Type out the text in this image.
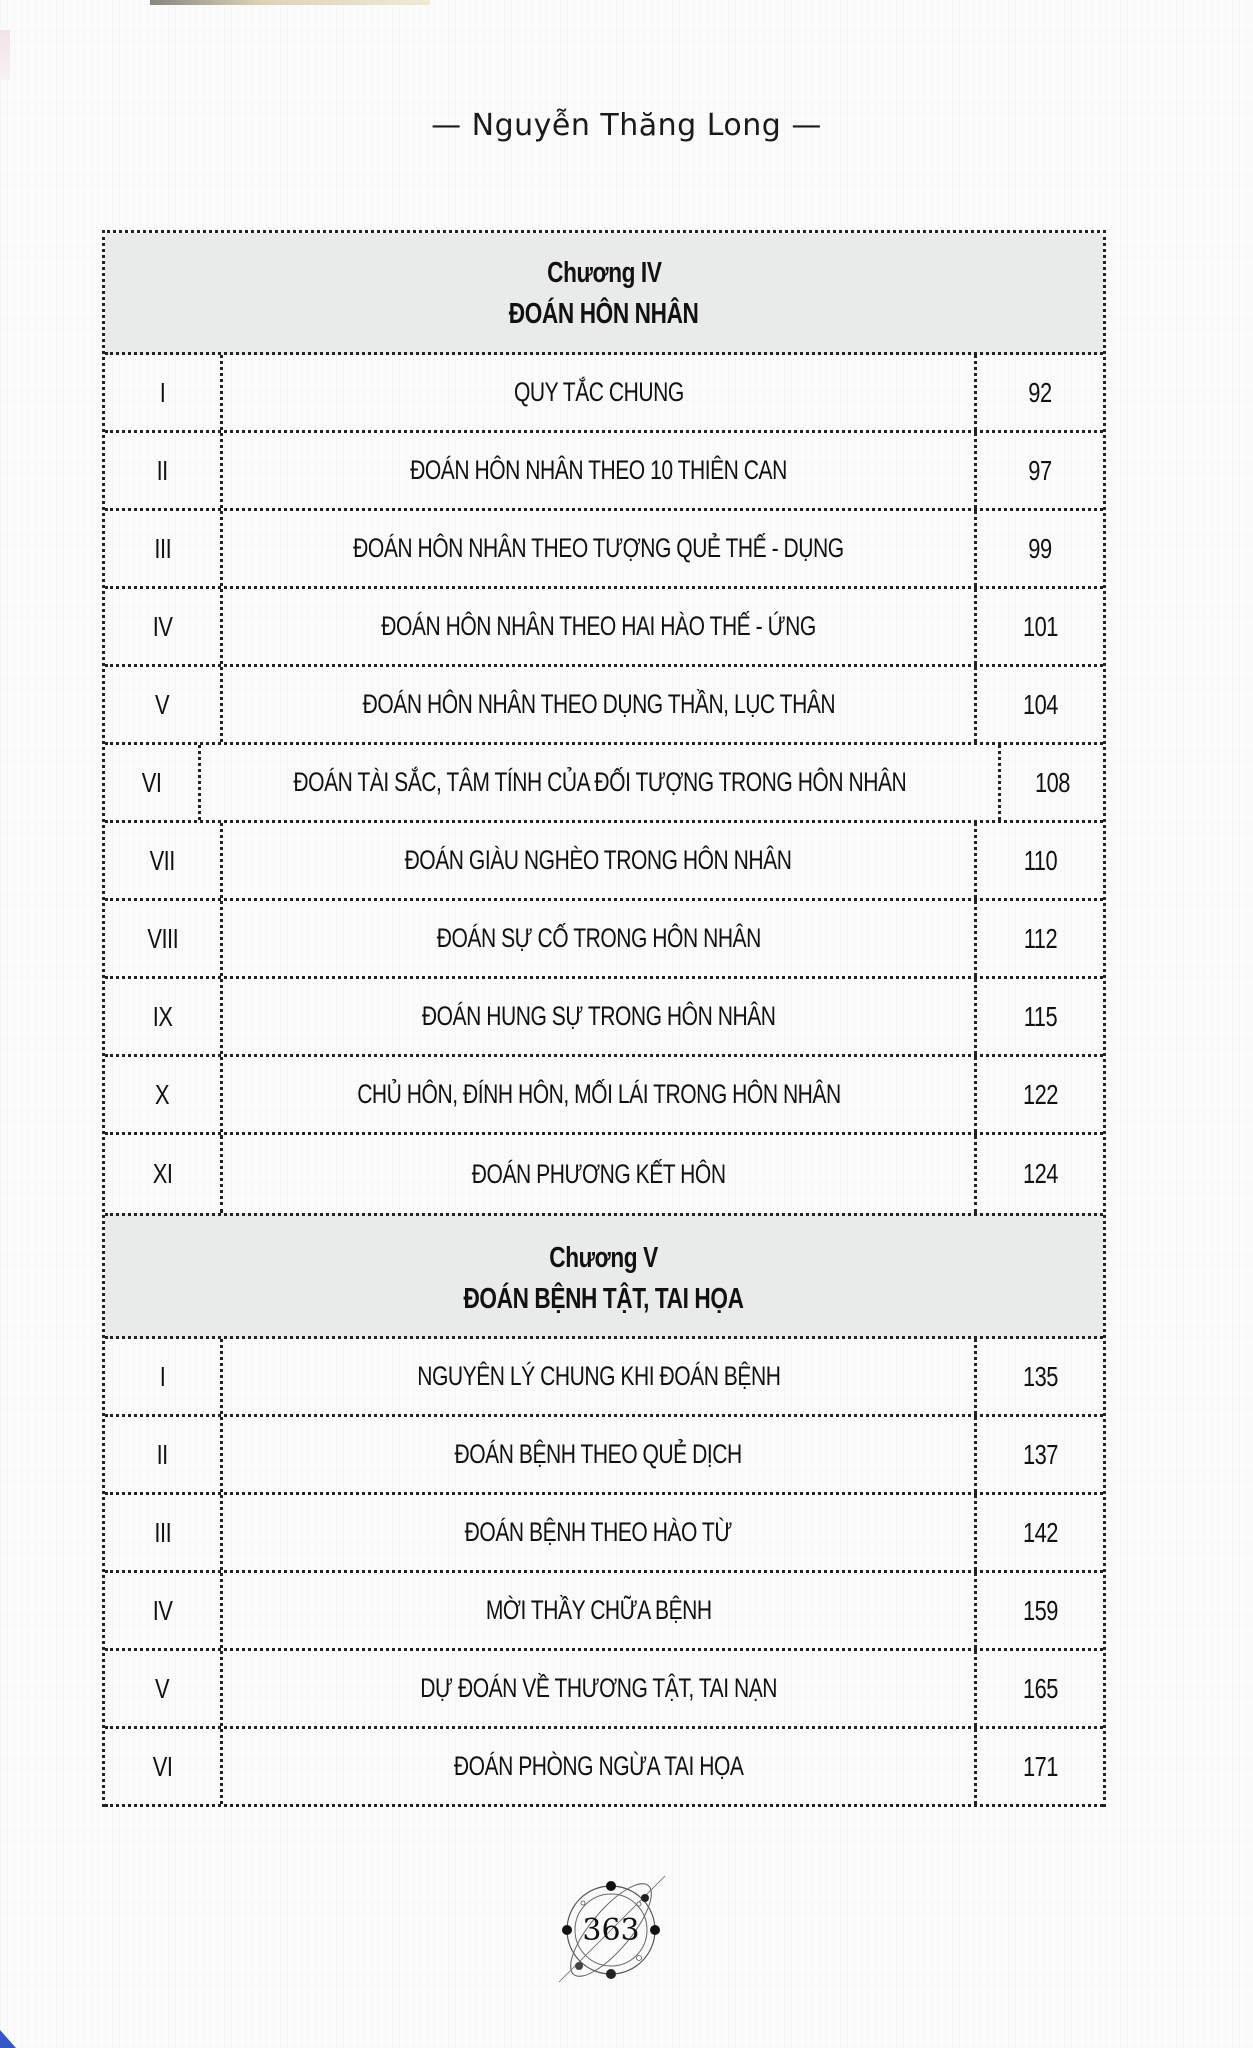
— Nguyễn Thăng Long —
Chương IV
ĐOÁN HÔN NHÂN
I	QUY TẮC CHUNG	92
II	ĐOÁN HÔN NHÂN THEO 10 THIÊN CAN	97
III	ĐOÁN HÔN NHÂN THEO TƯỢNG QUẺ THẾ - DỤNG	99
IV	ĐOÁN HÔN NHÂN THEO HAI HÀO THẾ - ỨNG	101
V	ĐOÁN HÔN NHÂN THEO DỤNG THẦN, LỤC THÂN	104
VI	ĐOÁN TÀI SẮC, TÂM TÍNH CỦA ĐỐI TƯỢNG TRONG HÔN NHÂN	108
VII	ĐOÁN GIÀU NGHÈO TRONG HÔN NHÂN	110
VIII	ĐOÁN SỰ CỐ TRONG HÔN NHÂN	112
IX	ĐOÁN HUNG SỰ TRONG HÔN NHÂN	115
X	CHỦ HÔN, ĐÍNH HÔN, MỐI LÁI TRONG HÔN NHÂN	122
XI	ĐOÁN PHƯƠNG KẾT HÔN	124
Chương V
ĐOÁN BỆNH TẬT, TAI HỌA
I	NGUYÊN LÝ CHUNG KHI ĐOÁN BỆNH	135
II	ĐOÁN BỆNH THEO QUẺ DỊCH	137
III	ĐOÁN BỆNH THEO HÀO TỪ	142
IV	MỜI THẦY CHỮA BỆNH	159
V	DỰ ĐOÁN VỀ THƯƠNG TẬT, TAI NẠN	165
VI	ĐOÁN PHÒNG NGỪA TAI HỌA	171
363
